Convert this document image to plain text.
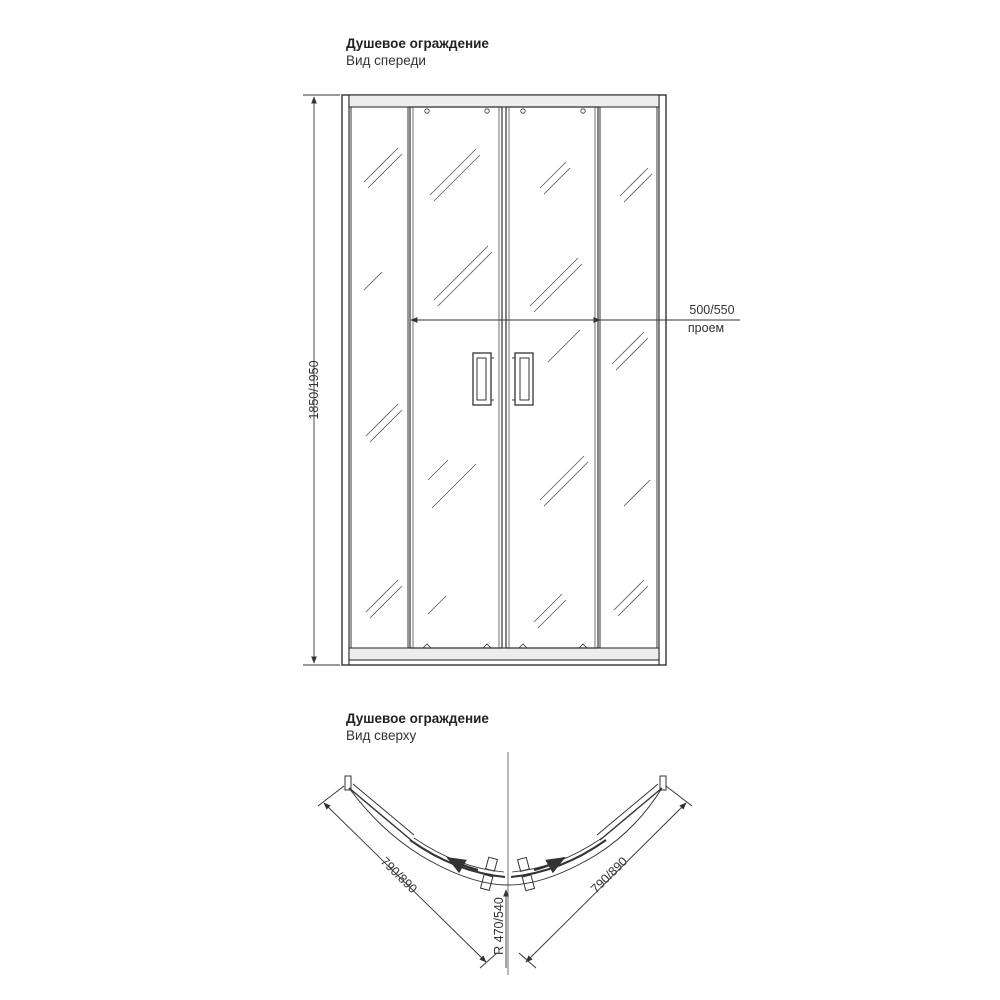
Душевое ограждение
Вид спереди
Душевое ограждение
Вид сверху
1850/1950
500/550
проем
790/890	790/890
R 470/540
